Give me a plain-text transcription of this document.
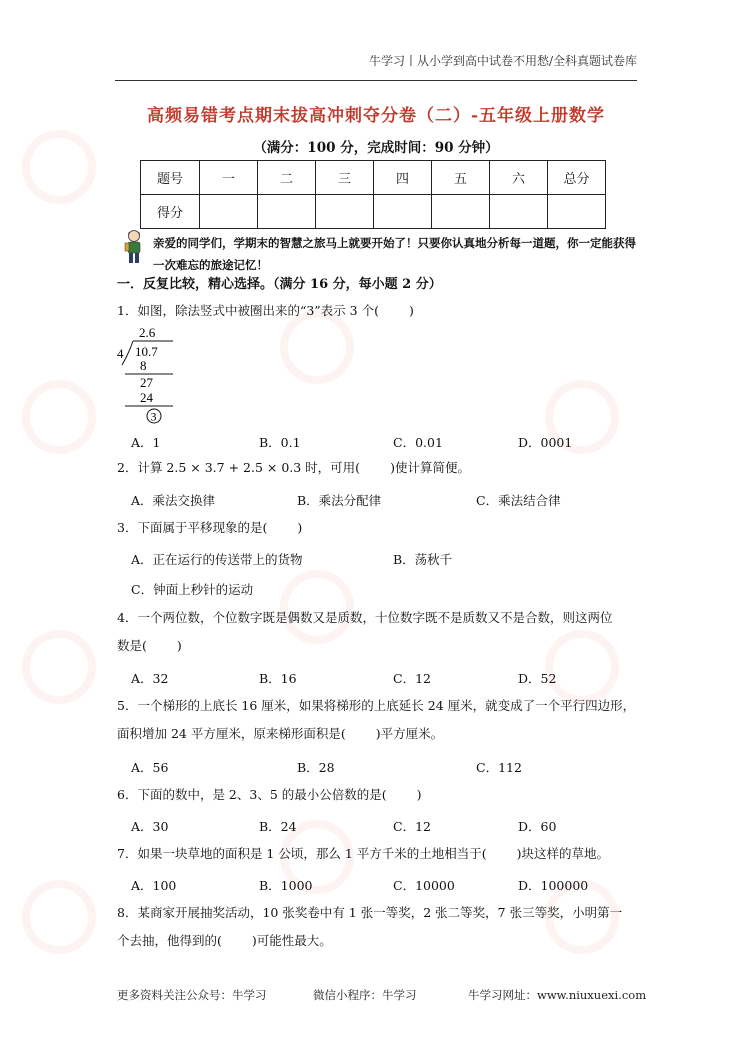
牛学习丨从小学到高中试卷不用愁/全科真题试卷库
高频易错考点期末拔高冲刺夺分卷（二）-五年级上册数学
（满分：100 分，完成时间：90 分钟）
题号	一	二	三	四	五	六	总分
得分							
亲爱的同学们，学期末的智慧之旅马上就要开始了！只要你认真地分析每一道题，你一定能获得一次难忘的旅途记忆！
一．反复比较，精心选择。（满分 16 分，每小题 2 分）
1．如图，除法竖式中被圈出来的“3”表示 3 个( )
2.6
4 10.7
8
27
24
3
A．1	B．0.1	C．0.01	D．0001
2．计算 2.5 × 3.7 + 2.5 × 0.3 时，可用( )使计算简便。
A．乘法交换律	B．乘法分配律	C．乘法结合律
3．下面属于平移现象的是( )
A．正在运行的传送带上的货物	B．荡秋千
C．钟面上秒针的运动
4．一个两位数，个位数字既是偶数又是质数，十位数字既不是质数又不是合数，则这两位
数是( )
A．32	B．16	C．12	D．52
5．一个梯形的上底长 16 厘米，如果将梯形的上底延长 24 厘米，就变成了一个平行四边形，
面积增加 24 平方厘米，原来梯形面积是( )平方厘米。
A．56	B．28	C．112
6．下面的数中，是 2、3、5 的最小公倍数的是( )
A．30	B．24	C．12	D．60
7．如果一块草地的面积是 1 公顷，那么 1 平方千米的土地相当于( )块这样的草地。
A．100	B．1000	C．10000	D．100000
8．某商家开展抽奖活动，10 张奖卷中有 1 张一等奖，2 张二等奖，7 张三等奖，小明第一
个去抽，他得到的( )可能性最大。
更多资料关注公众号：牛学习	微信小程序：牛学习	牛学习网址：www.niuxuexi.com
